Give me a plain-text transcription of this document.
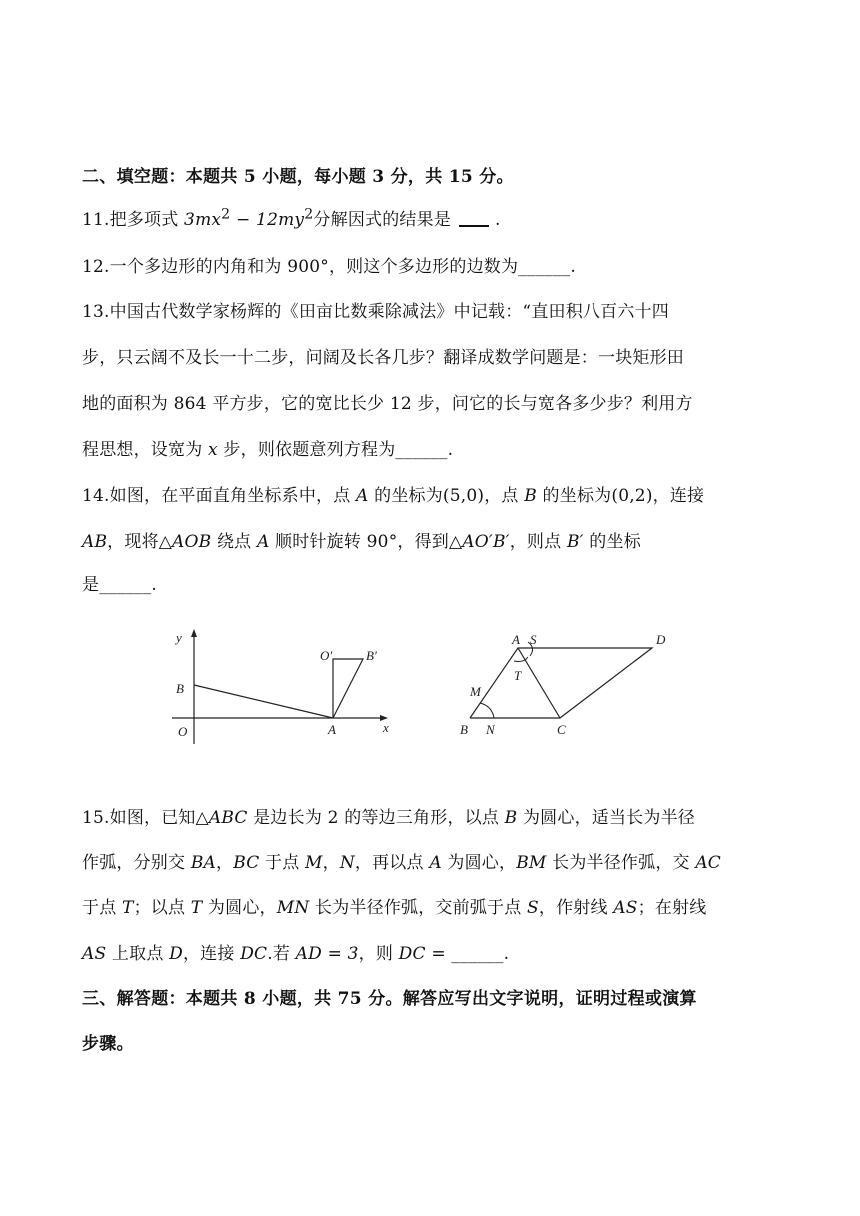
二、填空题：本题共 5 小题，每小题 3 分，共 15 分。
11.把多项式 $3mx^2 - 12my^2$分解因式的结果是	.
12.一个多边形的内角和为 900°，则这个多边形的边数为______.
13.中国古代数学家杨辉的《田亩比数乘除减法》中记载：“直田积八百六十四
步，只云阔不及长一十二步，问阔及长各几步？翻译成数学问题是：一块矩形田
地的面积为 864 平方步，它的宽比长少 12 步，问它的长与宽各多少步？利用方
程思想，设宽为 x 步，则依题意列方程为______.
14.如图，在平面直角坐标系中，点 A 的坐标为(5,0)，点 B 的坐标为(0,2)，连接
AB，现将△AOB 绕点 A 顺时针旋转 90°，得到△AO′B′，则点 B′ 的坐标
是______.
y
x
O	A
B
O′	B′
A S	D
T
M
B N	C
15.如图，已知△ABC 是边长为 2 的等边三角形，以点 B 为圆心，适当长为半径
作弧，分别交 BA，BC 于点 M，N，再以点 A 为圆心，BM 长为半径作弧，交 AC
于点 T；以点 T 为圆心，MN 长为半径作弧，交前弧于点 S，作射线 AS；在射线
AS 上取点 D，连接 DC.若 AD = 3，则 DC = ______.
三、解答题：本题共 8 小题，共 75 分。解答应写出文字说明，证明过程或演算
步骤。
